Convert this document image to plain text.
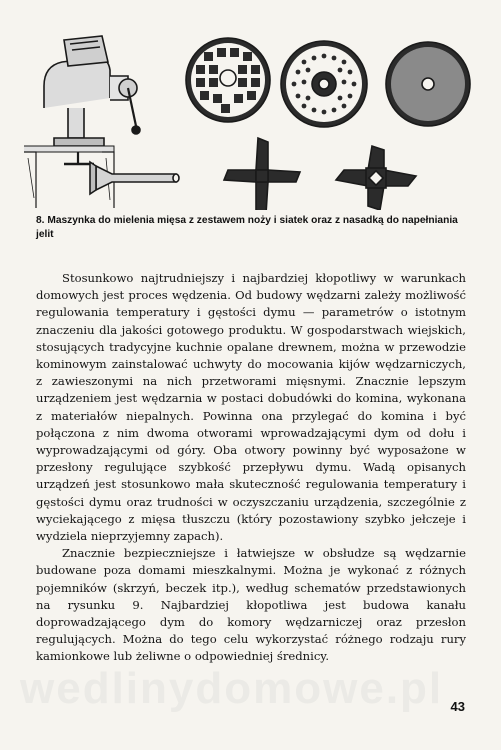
8. Maszynka do mielenia mięsa z zestawem noży i siatek oraz z nasadką do napełniania jelit

Stosunkowo najtrudniejszy i najbardziej kłopotliwy w warunkach domowych jest proces wędzenia. Od budowy wędzarni zależy możliwość regulowania temperatury i gęstości dymu — parametrów o istotnym znaczeniu dla jakości gotowego produktu. W gospodarstwach wiejskich, stosujących tradycyjne kuchnie opalane drewnem, można w przewodzie kominowym zainstalować uchwyty do mocowania kijów wędzarniczych, z zawieszonymi na nich przetworami mięsnymi. Znacznie lepszym urządzeniem jest wędzarnia w postaci dobudówki do komina, wykonana z materiałów niepalnych. Powinna ona przylegać do komina i być połączona z nim dwoma otworami wprowadzającymi dym od dołu i wyprowadzającymi od góry. Oba otwory powinny być wyposażone w przesłony regulujące szybkość przepływu dymu. Wadą opisanych urządzeń jest stosunkowo mała skuteczność regulowania temperatury i gęstości dymu oraz trudności w oczyszczaniu urządzenia, szczególnie z wyciekającego z mięsa tłuszczu (który pozostawiony szybko jełczeje i wydziela nieprzyjemny zapach).

Znacznie bezpieczniejsze i łatwiejsze w obsłudze są wędzarnie budowane poza domami mieszkalnymi. Można je wykonać z różnych pojemników (skrzyń, beczek itp.), według schematów przedstawionych na rysunku 9. Najbardziej kłopotliwa jest budowa kanału doprowadzającego dym do komory wędzarniczej oraz przesłon regulujących. Można do tego celu wykorzystać różnego rodzaju rury kamionkowe lub żeliwne o odpowiedniej średnicy.

wedlinydomowe.pl 43
